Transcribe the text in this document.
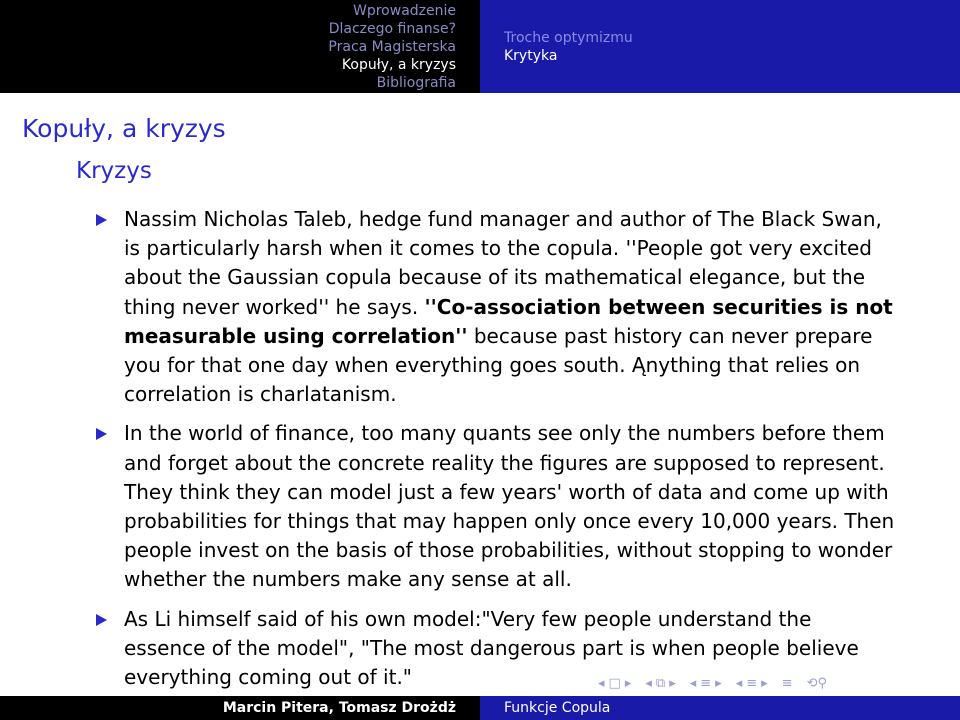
Wprowadzenie
Dlaczego finanse?
Praca Magisterska
Kopuły, a kryzys
Bibliografia
Troche optymizmu
Krytyka
Kopuły, a kryzys
Kryzys
Nassim Nicholas Taleb, hedge fund manager and author of The Black Swan, is particularly harsh when it comes to the copula. ''People got very excited about the Gaussian copula because of its mathematical elegance, but the thing never worked'' he says. ''Co-association between securities is not measurable using correlation'' because past history can never prepare you for that one day when everything goes south. Ąnything that relies on correlation is charlatanism.
In the world of finance, too many quants see only the numbers before them and forget about the concrete reality the figures are supposed to represent. They think they can model just a few years' worth of data and come up with probabilities for things that may happen only once every 10,000 years. Then people invest on the basis of those probabilities, without stopping to wonder whether the numbers make any sense at all.
As Li himself said of his own model:"Very few people understand the essence of the model", "The most dangerous part is when people believe everything coming out of it."	◂ □ ▸ ◂ ⧉ ▸ ◂ ≡ ▸ ◂ ≡ ▸ ≡ ⟲⚲
Marcin Pitera, Tomasz Drożdż	Funkcje Copula
